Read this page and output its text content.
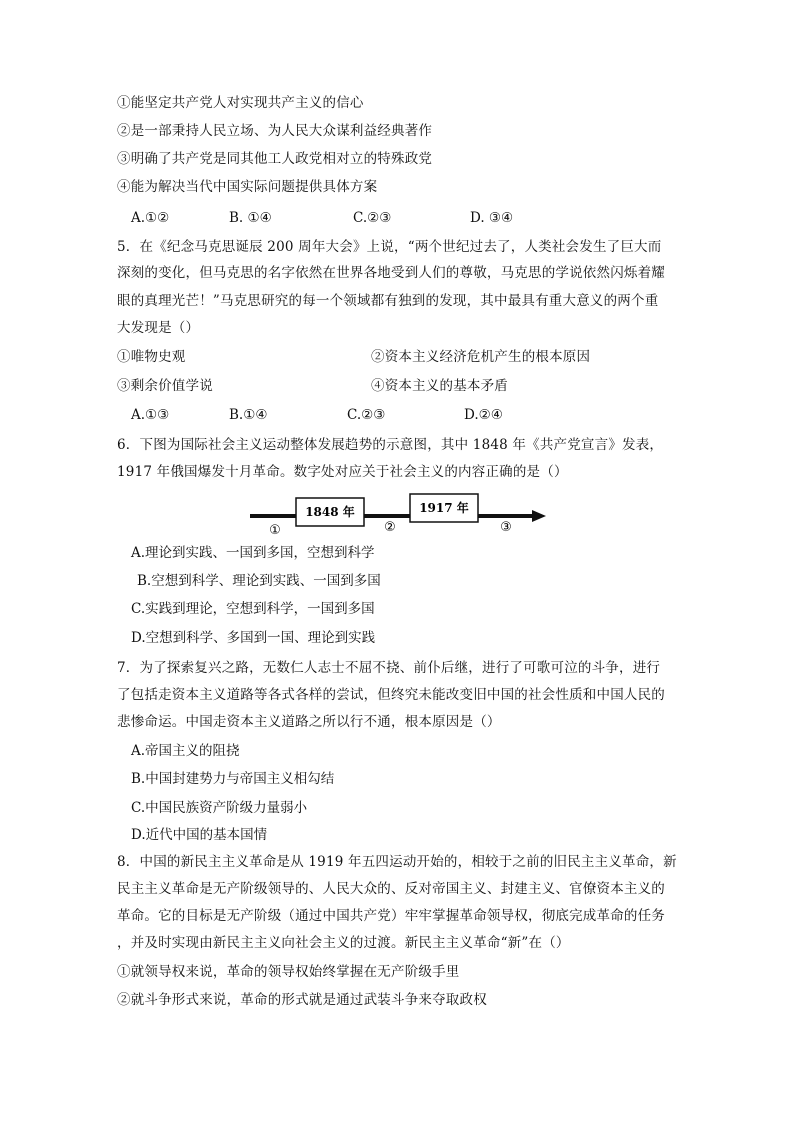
①能坚定共产党人对实现共产主义的信心
②是一部秉持人民立场、为人民大众谋利益经典著作
③明确了共产党是同其他工人政党相对立的特殊政党
④能为解决当代中国实际问题提供具体方案
A.①②	B. ①④	C.②③	D. ③④
5．在《纪念马克思诞辰 200 周年大会》上说，“两个世纪过去了，人类社会发生了巨大而
深刻的变化，但马克思的名字依然在世界各地受到人们的尊敬，马克思的学说依然闪烁着耀
眼的真理光芒！”马克思研究的每一个领域都有独到的发现，其中最具有重大意义的两个重
大发现是（）
①唯物史观	②资本主义经济危机产生的根本原因
③剩余价值学说	④资本主义的基本矛盾
A.①③	B.①④	C.②③	D.②④
6．下图为国际社会主义运动整体发展趋势的示意图，其中 1848 年《共产党宣言》发表，
1917 年俄国爆发十月革命。数字处对应关于社会主义的内容正确的是（）
1848 年	1917 年
①	②	③
A.理论到实践、一国到多国，空想到科学
B.空想到科学、理论到实践、一国到多国
C.实践到理论，空想到科学，一国到多国
D.空想到科学、多国到一国、理论到实践
7．为了探索复兴之路，无数仁人志士不屈不挠、前仆后继，进行了可歌可泣的斗争，进行
了包括走资本主义道路等各式各样的尝试，但终究未能改变旧中国的社会性质和中国人民的
悲惨命运。中国走资本主义道路之所以行不通，根本原因是（）
A.帝国主义的阻挠
B.中国封建势力与帝国主义相勾结
C.中国民族资产阶级力量弱小
D.近代中国的基本国情
8．中国的新民主主义革命是从 1919 年五四运动开始的，相较于之前的旧民主主义革命，新
民主主义革命是无产阶级领导的、人民大众的、反对帝国主义、封建主义、官僚资本主义的
革命。它的目标是无产阶级（通过中国共产党）牢牢掌握革命领导权，彻底完成革命的任务
，并及时实现由新民主主义向社会主义的过渡。新民主主义革命“新”在（）
①就领导权来说，革命的领导权始终掌握在无产阶级手里
②就斗争形式来说，革命的形式就是通过武装斗争来夺取政权
